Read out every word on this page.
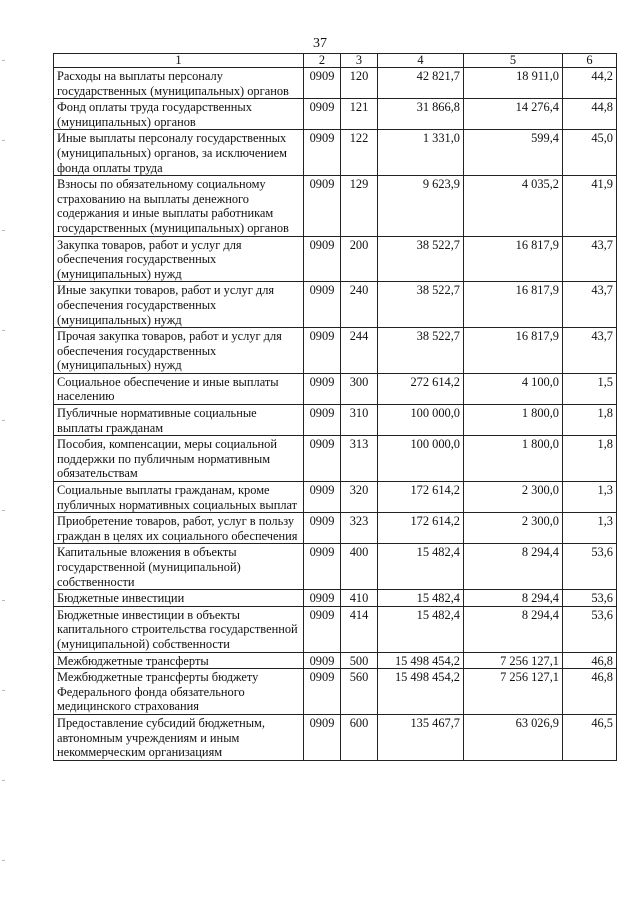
37
1	2	3	4	5	6
Расходы на выплаты персоналу государственных (муниципальных) органов	0909	120	42 821,7	18 911,0	44,2
Фонд оплаты труда государственных (муниципальных) органов	0909	121	31 866,8	14 276,4	44,8
Иные выплаты персоналу государственных (муниципальных) органов, за исключением фонда оплаты труда	0909	122	1 331,0	599,4	45,0
Взносы по обязательному социальному страхованию на выплаты денежного содержания и иные выплаты работникам государственных (муниципальных) органов	0909	129	9 623,9	4 035,2	41,9
Закупка товаров, работ и услуг для обеспечения государственных (муниципальных) нужд	0909	200	38 522,7	16 817,9	43,7
Иные закупки товаров, работ и услуг для обеспечения государственных (муниципальных) нужд	0909	240	38 522,7	16 817,9	43,7
Прочая закупка товаров, работ и услуг для обеспечения государственных (муниципальных) нужд	0909	244	38 522,7	16 817,9	43,7
Социальное обеспечение и иные выплаты населению	0909	300	272 614,2	4 100,0	1,5
Публичные нормативные социальные выплаты гражданам	0909	310	100 000,0	1 800,0	1,8
Пособия, компенсации, меры социальной поддержки по публичным нормативным обязательствам	0909	313	100 000,0	1 800,0	1,8
Социальные выплаты гражданам, кроме публичных нормативных социальных выплат	0909	320	172 614,2	2 300,0	1,3
Приобретение товаров, работ, услуг в пользу граждан в целях их социального обеспечения	0909	323	172 614,2	2 300,0	1,3
Капитальные вложения в объекты государственной (муниципальной) собственности	0909	400	15 482,4	8 294,4	53,6
Бюджетные инвестиции	0909	410	15 482,4	8 294,4	53,6
Бюджетные инвестиции в объекты капитального строительства государственной (муниципальной) собственности	0909	414	15 482,4	8 294,4	53,6
Межбюджетные трансферты	0909	500	15 498 454,2	7 256 127,1	46,8
Межбюджетные трансферты бюджету Федерального фонда обязательного медицинского страхования	0909	560	15 498 454,2	7 256 127,1	46,8
Предоставление субсидий бюджетным, автономным учреждениям и иным некоммерческим организациям	0909	600	135 467,7	63 026,9	46,5
